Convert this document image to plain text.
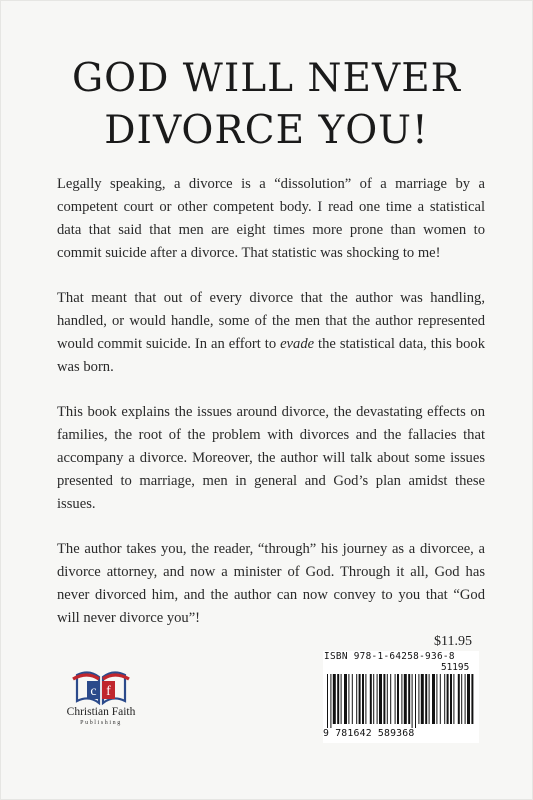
GOD WILL NEVER
DIVORCE YOU!

Legally speaking, a divorce is a “dissolution” of a marriage by a competent court or other competent body. I read one time a statistical data that said that men are eight times more prone than women to commit suicide after a divorce. That statistic was shocking to me!

That meant that out of every divorce that the author was handling, handled, or would handle, some of the men that the author represented would commit suicide. In an effort to evade the statistical data, this book was born.

This book explains the issues around divorce, the devastating effects on families, the root of the problem with divorces and the fallacies that accompany a divorce. Moreover, the author will talk about some issues presented to marriage, men in general and God’s plan amidst these issues.

The author takes you, the reader, “through” his journey as a divorcee, a divorce attorney, and now a minister of God. Through it all, God has never divorced him, and the author can now convey to you that “God will never divorce you”!

$11.95
ISBN 978-1-64258-936-8
51195
9 781642 589368
c f
Christian Faith
Publishing
